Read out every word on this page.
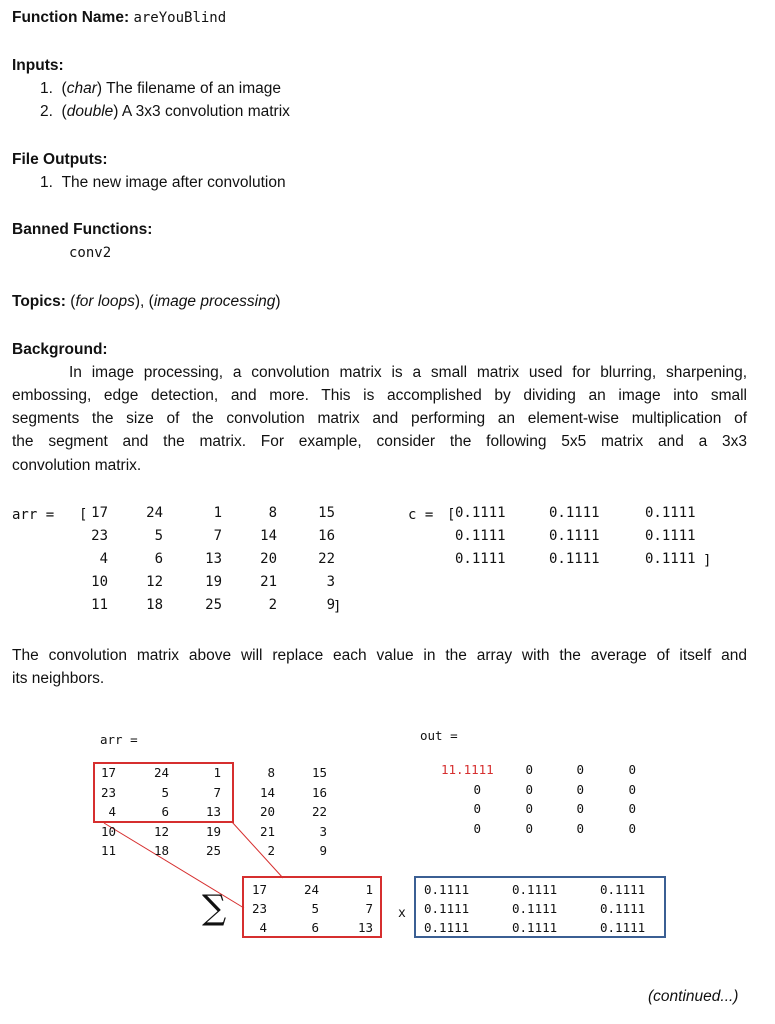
Function Name: areYouBlind

Inputs:

1.  (char) The filename of an image

2.  (double) A 3x3 convolution matrix

File Outputs:

1. The new image after convolution

Banned Functions:

conv2

Topics: (for loops), (image processing)

Background:

In image processing, a convolution matrix is a small matrix used for blurring, sharpening,

embossing, edge detection, and more. This is accomplished by dividing an image into small

segments the size of the convolution matrix and performing an element-wise multiplication of

the segment and the matrix. For example, consider the following 5x5 matrix and a 3x3

convolution matrix.

arr = [
]
17	24	1	8	15
23	5	7	14	16
4	6	13	20	22
10	12	19	21	3
11	18	25	2	9
c = [
]
0.1111	0.1111	0.1111
0.1111	0.1111	0.1111
0.1111	0.1111	0.1111

The convolution matrix above will replace each value in the array with the average of itself and

its neighbors.

arr =	out =
17	24	1	8	15
23	5	7	14	16
4	6	13	20	22
10	12	19	21	3
11	18	25	2	9
11.1111	0	0	0
0	0	0	0
0	0	0	0
0	0	0	0
∑	17	24	1
23	5	7
4	6	13
x
0.1111	0.1111	0.1111
0.1111	0.1111	0.1111
0.1111	0.1111	0.1111

(continued...)
